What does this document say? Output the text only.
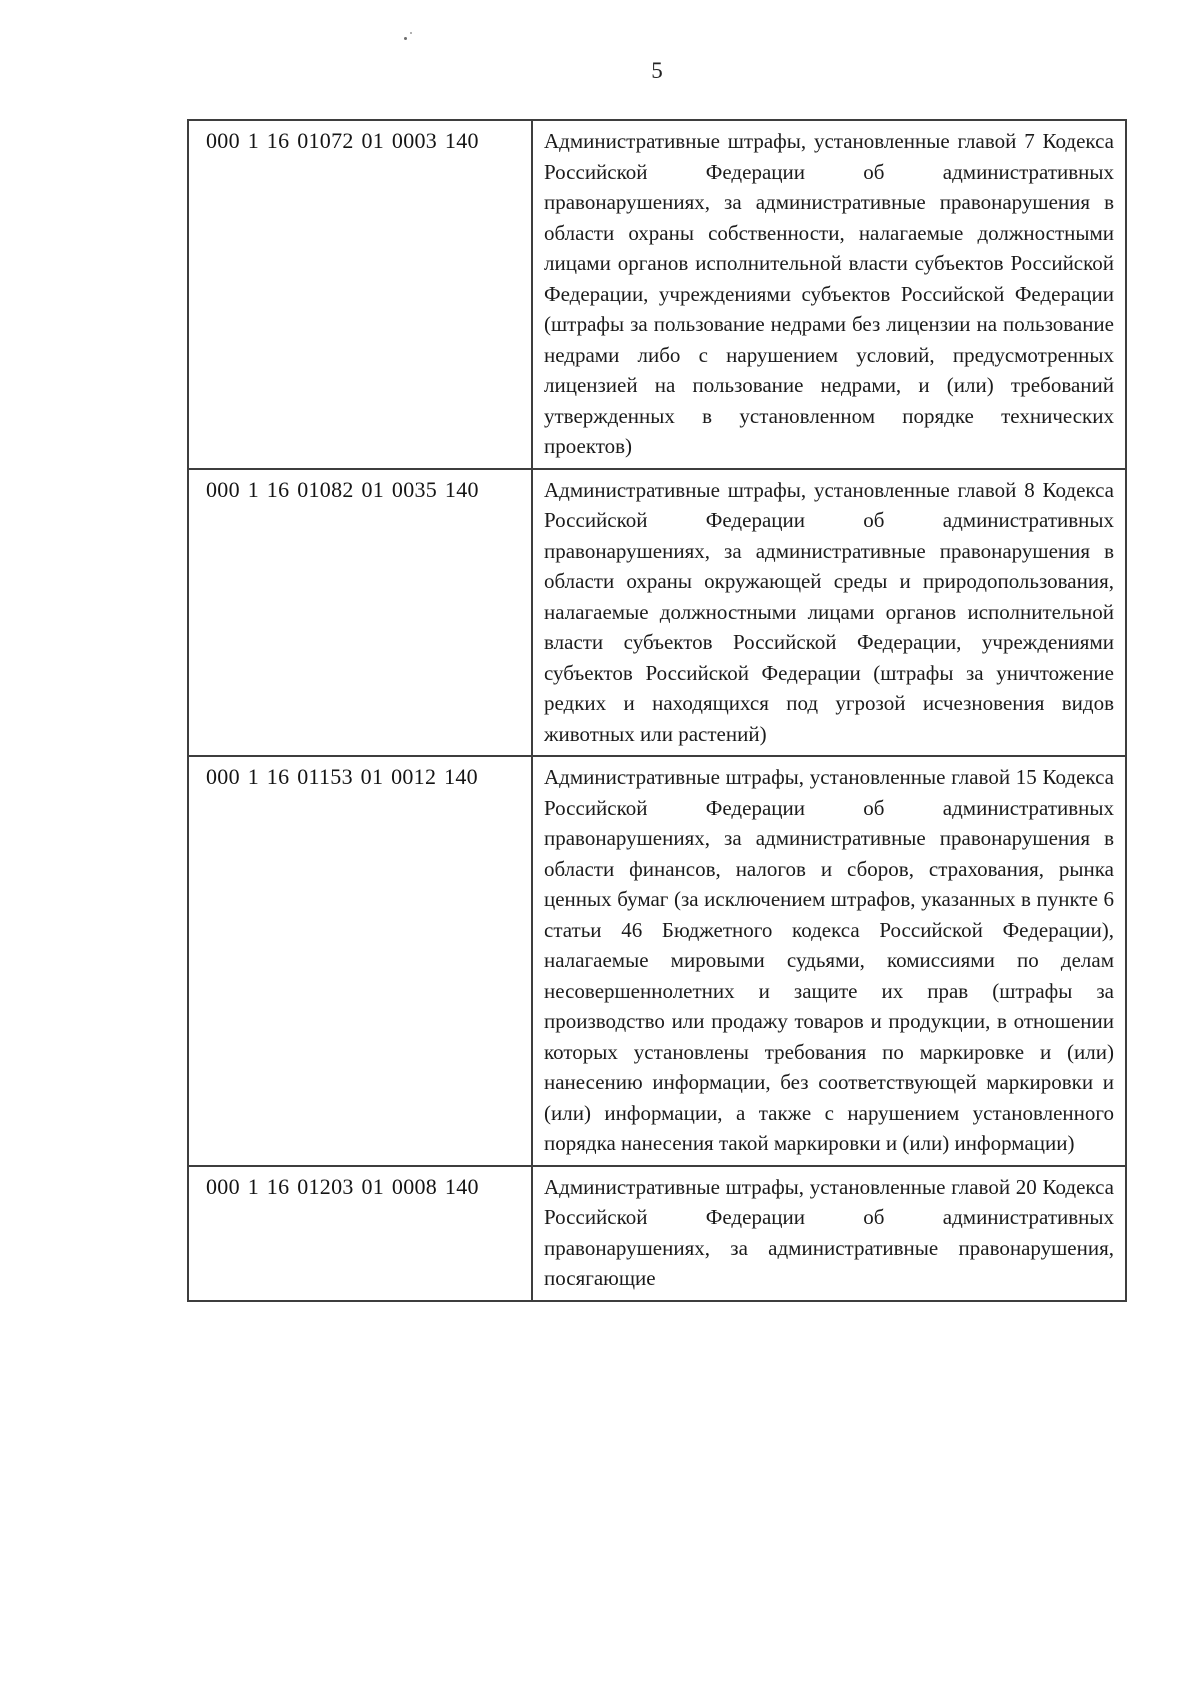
5
000 1 16 01072 01 0003 140	Административные штрафы, установленные главой 7 Кодекса Российской Федерации об административных правонарушениях, за административные правонарушения в области охраны собственности, налагаемые должностными лицами органов исполнительной власти субъектов Российской Федерации, учреждениями субъектов Российской Федерации (штрафы за пользование недрами без лицензии на пользование недрами либо с нарушением условий, предусмотренных лицензией на пользование недрами, и (или) требований утвержденных в установленном порядке технических проектов)
000 1 16 01082 01 0035 140	Административные штрафы, установленные главой 8 Кодекса Российской Федерации об административных правонарушениях, за административные правонарушения в области охраны окружающей среды и природопользования, налагаемые должностными лицами органов исполнительной власти субъектов Российской Федерации, учреждениями субъектов Российской Федерации (штрафы за уничтожение редких и находящихся под угрозой исчезновения видов животных или растений)
000 1 16 01153 01 0012 140	Административные штрафы, установленные главой 15 Кодекса Российской Федерации об административных правонарушениях, за административные правонарушения в области финансов, налогов и сборов, страхования, рынка ценных бумаг (за исключением штрафов, указанных в пункте 6 статьи 46 Бюджетного кодекса Российской Федерации), налагаемые мировыми судьями, комиссиями по делам несовершеннолетних и защите их прав (штрафы за производство или продажу товаров и продукции, в отношении которых установлены требования по маркировке и (или) нанесению информации, без соответствующей маркировки и (или) информации, а также с нарушением установленного порядка нанесения такой маркировки и (или) информации)
000 1 16 01203 01 0008 140	Административные штрафы, установленные главой 20 Кодекса Российской Федерации об административных правонарушениях, за административные правонарушения, посягающие
